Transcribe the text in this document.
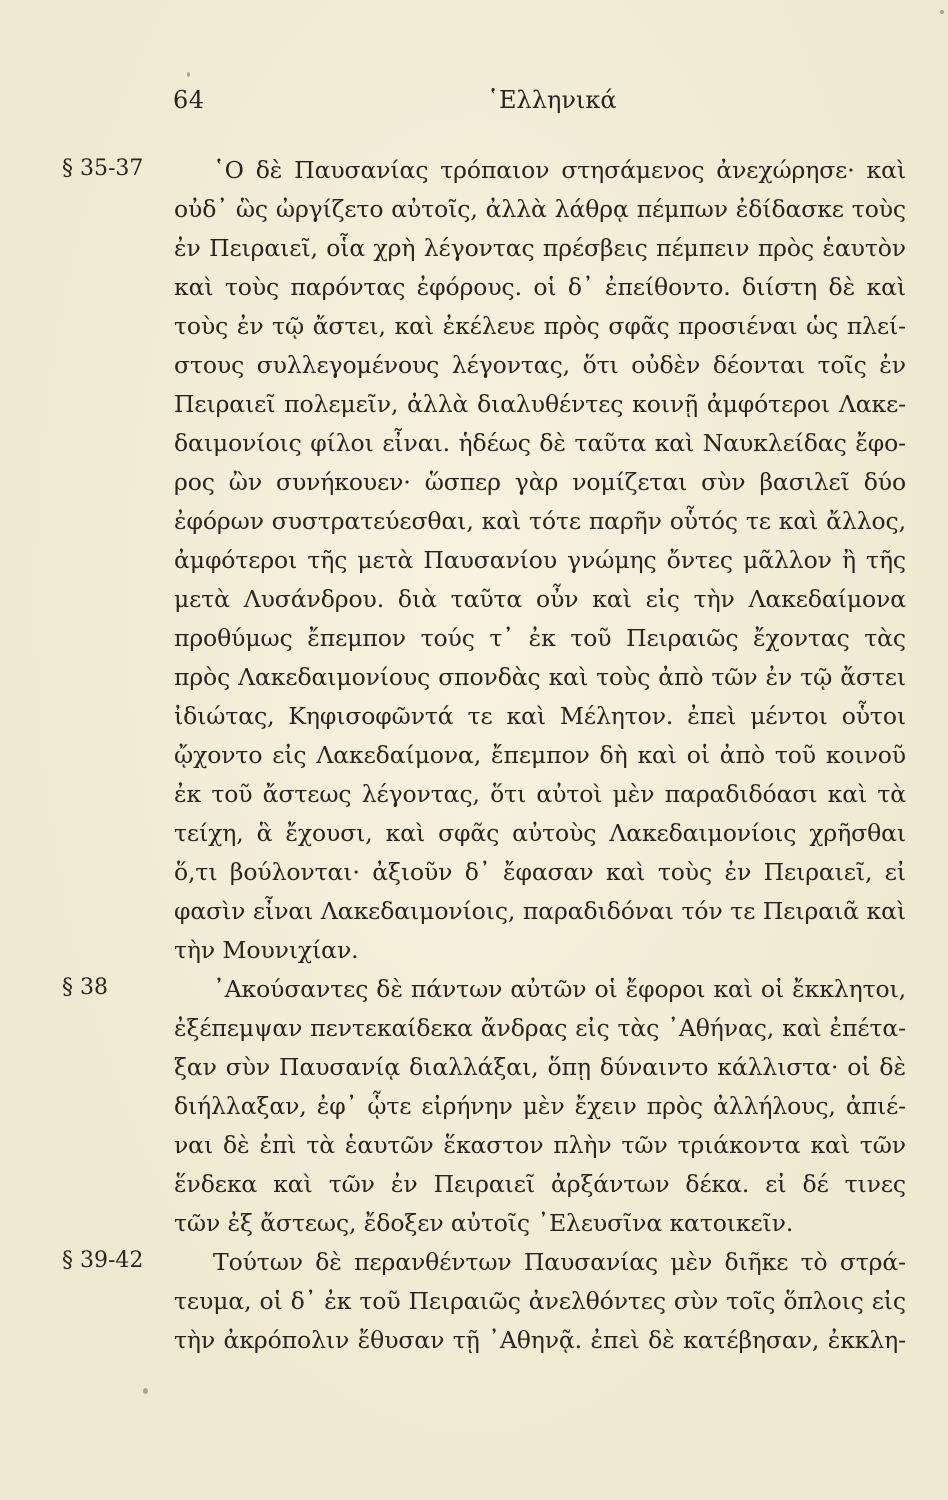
64	῾Ελληνικά
§ 35-37	῾Ο δὲ Παυσανίας τρόπαιον στησάμενος ἀνεχώρησε· καὶ
οὐδ᾽ ὣς ὠργίζετο αὐτοῖς, ἀλλὰ λάθρᾳ πέμπων ἐδίδασκε τοὺς
ἐν Πειραιεῖ, οἷα χρὴ λέγοντας πρέσβεις πέμπειν πρὸς ἑαυτὸν
καὶ τοὺς παρόντας ἐφόρους. οἱ δ᾽ ἐπείθοντο. διίστη δὲ καὶ
τοὺς ἐν τῷ ἄστει, καὶ ἐκέλευε πρὸς σφᾶς προσιέναι ὡς πλεί-
στους συλλεγομένους λέγοντας, ὅτι οὐδὲν δέονται τοῖς ἐν
Πειραιεῖ πολεμεῖν, ἀλλὰ διαλυθέντες κοινῇ ἀμφότεροι Λακε-
δαιμονίοις φίλοι εἶναι. ἡδέως δὲ ταῦτα καὶ Ναυκλείδας ἔφο-
ρος ὢν συνήκουεν· ὥσπερ γὰρ νομίζεται σὺν βασιλεῖ δύο
ἐφόρων συστρατεύεσθαι, καὶ τότε παρῆν οὗτός τε καὶ ἄλλος,
ἀμφότεροι τῆς μετὰ Παυσανίου γνώμης ὄντες μᾶλλον ἢ τῆς
μετὰ Λυσάνδρου. διὰ ταῦτα οὖν καὶ εἰς τὴν Λακεδαίμονα
προθύμως ἔπεμπον τούς τ᾽ ἐκ τοῦ Πειραιῶς ἔχοντας τὰς
πρὸς Λακεδαιμονίους σπονδὰς καὶ τοὺς ἀπὸ τῶν ἐν τῷ ἄστει
ἰδιώτας, Κηφισοφῶντά τε καὶ Μέλητον. ἐπεὶ μέντοι οὗτοι
ᾤχοντο εἰς Λακεδαίμονα, ἔπεμπον δὴ καὶ οἱ ἀπὸ τοῦ κοινοῦ
ἐκ τοῦ ἄστεως λέγοντας, ὅτι αὐτοὶ μὲν παραδιδόασι καὶ τὰ
τείχη, ἃ ἔχουσι, καὶ σφᾶς αὐτοὺς Λακεδαιμονίοις χρῆσθαι
ὅ,τι βούλονται· ἀξιοῦν δ᾽ ἔφασαν καὶ τοὺς ἐν Πειραιεῖ, εἰ
φασὶν εἶναι Λακεδαιμονίοις, παραδιδόναι τόν τε Πειραιᾶ καὶ
τὴν Μουνιχίαν.
§ 38	᾿Ακούσαντες δὲ πάντων αὐτῶν οἱ ἔφοροι καὶ οἱ ἔκκλητοι,
ἐξέπεμψαν πεντεκαίδεκα ἄνδρας εἰς τὰς ᾿Αθήνας, καὶ ἐπέτα-
ξαν σὺν Παυσανίᾳ διαλλάξαι, ὅπῃ δύναιντο κάλλιστα· οἱ δὲ
διήλλαξαν, ἐφ᾽ ᾧτε εἰρήνην μὲν ἔχειν πρὸς ἀλλήλους, ἀπιέ-
ναι δὲ ἐπὶ τὰ ἑαυτῶν ἕκαστον πλὴν τῶν τριάκοντα καὶ τῶν
ἕνδεκα καὶ τῶν ἐν Πειραιεῖ ἀρξάντων δέκα. εἰ δέ τινες
τῶν ἐξ ἄστεως, ἔδοξεν αὐτοῖς ᾿Ελευσῖνα κατοικεῖν.
§ 39-42	Τούτων δὲ περανθέντων Παυσανίας μὲν διῆκε τὸ στρά-
τευμα, οἱ δ᾽ ἐκ τοῦ Πειραιῶς ἀνελθόντες σὺν τοῖς ὅπλοις εἰς
τὴν ἀκρόπολιν ἔθυσαν τῇ ᾿Αθηνᾷ. ἐπεὶ δὲ κατέβησαν, ἐκκλη-
